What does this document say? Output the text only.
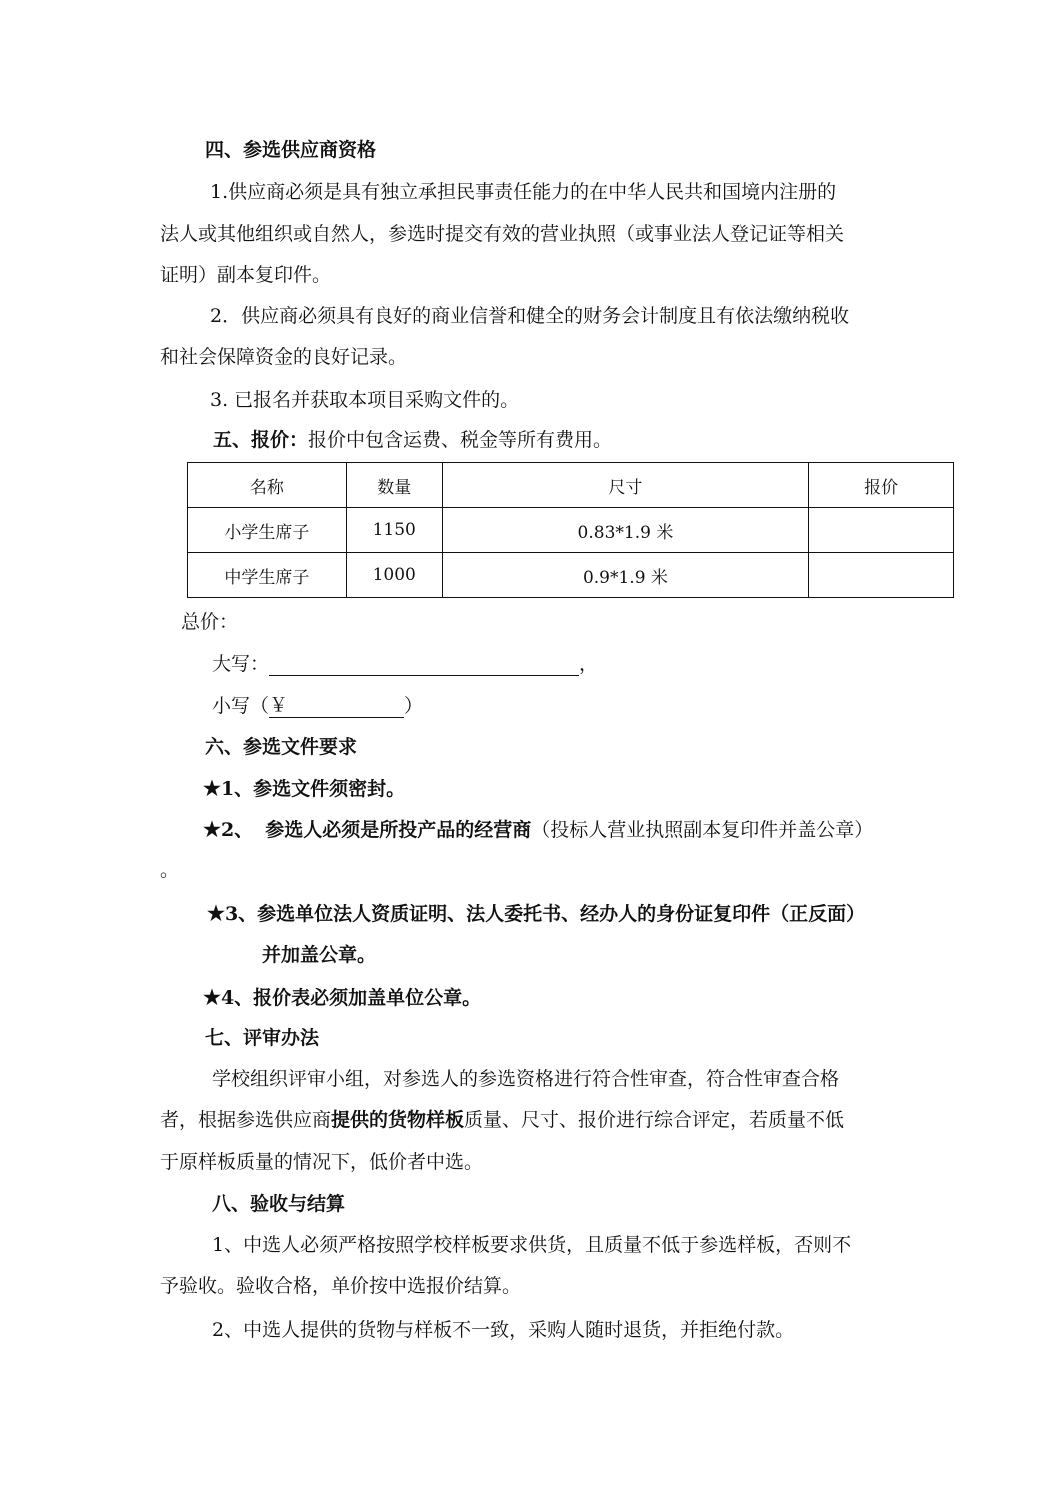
四、参选供应商资格
1.供应商必须是具有独立承担民事责任能力的在中华人民共和国境内注册的
法人或其他组织或自然人，参选时提交有效的营业执照（或事业法人登记证等相关
证明）副本复印件。
2．供应商必须具有良好的商业信誉和健全的财务会计制度且有依法缴纳税收
和社会保障资金的良好记录。
3. 已报名并获取本项目采购文件的。
五、报价：报价中包含运费、税金等所有费用。
名称	数量	尺寸	报价
小学生席子	1150	0.83*1.9 米	
中学生席子	1000	0.9*1.9 米	
总价：
大写：	，
小写（￥	）
六、参选文件要求
★1、参选文件须密封。
★2、 参选人必须是所投产品的经营商（投标人营业执照副本复印件并盖公章）
。
★3、参选单位法人资质证明、法人委托书、经办人的身份证复印件（正反面）
并加盖公章。
★4、报价表必须加盖单位公章。
七、评审办法
学校组织评审小组，对参选人的参选资格进行符合性审查，符合性审查合格
者，根据参选供应商提供的货物样板质量、尺寸、报价进行综合评定，若质量不低
于原样板质量的情况下，低价者中选。
八、验收与结算
1、中选人必须严格按照学校样板要求供货，且质量不低于参选样板，否则不
予验收。验收合格，单价按中选报价结算。
2、中选人提供的货物与样板不一致，采购人随时退货，并拒绝付款。
